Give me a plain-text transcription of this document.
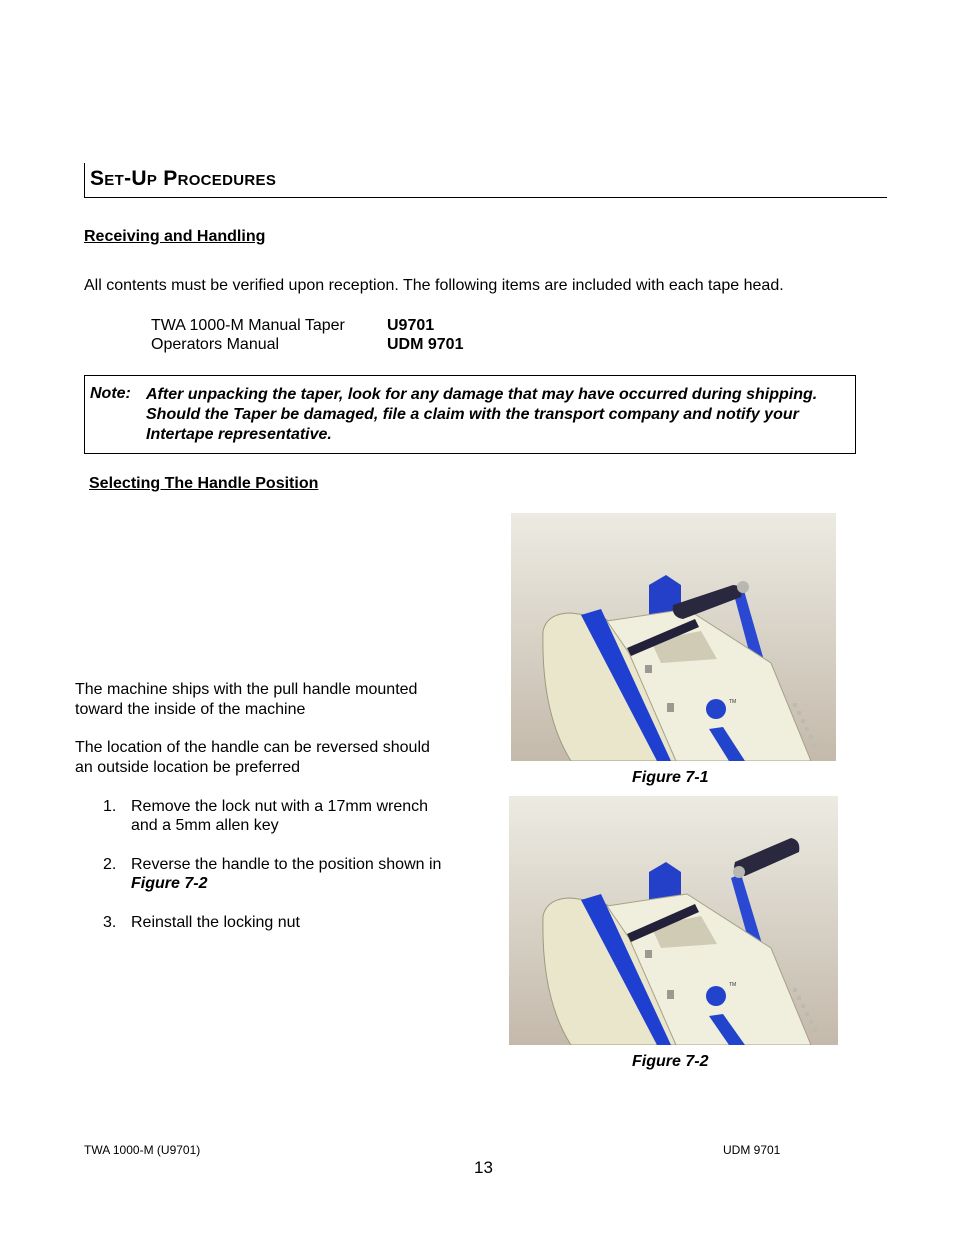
Set-Up Procedures
Receiving and Handling
All contents must be verified upon reception. The following items are included with each tape head.
TWA 1000-M Manual Taper	U9701
Operators Manual	UDM 9701
Note: After unpacking the taper, look for any damage that may have occurred during shipping. Should the Taper be damaged, file a claim with the transport company and notify your Intertape representative.
Selecting The Handle Position
The machine ships with the pull handle mounted
toward the inside of the machine
The location of the handle can be reversed should
an outside location be preferred
1. Remove the lock nut with a 17mm wrench
and a 5mm allen key
2. Reverse the handle to the position shown in
Figure 7-2
3. Reinstall the locking nut
TM
Figure 7-1
TM
Figure 7-2
TWA 1000-M (U9701)
13
UDM 9701
